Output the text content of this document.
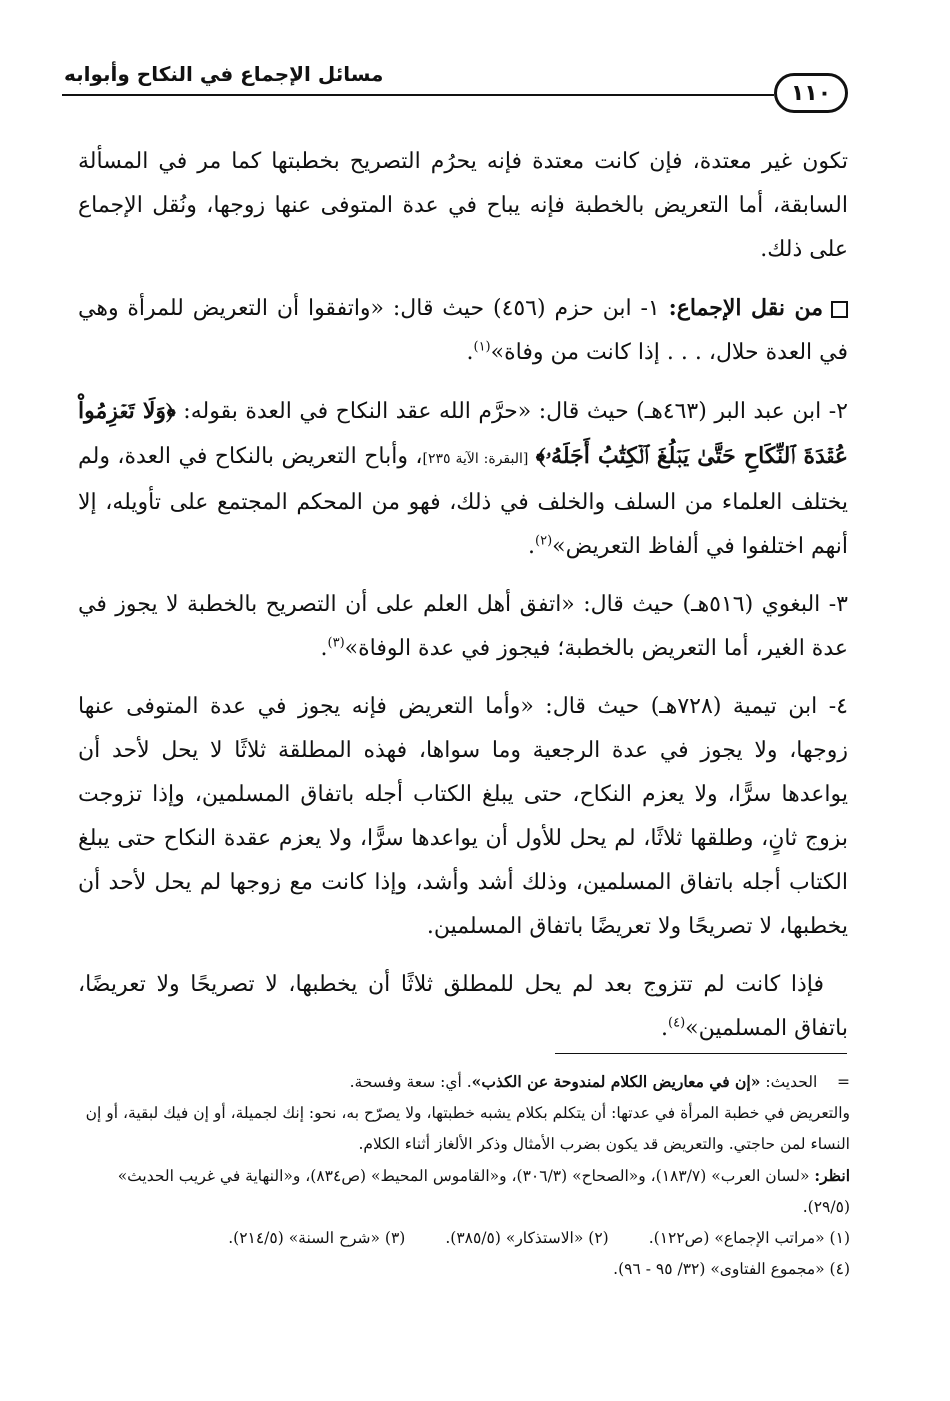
مسائل الإجماع في النكاح وأبوابه
١١٠

تكون غير معتدة، فإن كانت معتدة فإنه يحرُم التصريح بخطبتها كما مر في المسألة السابقة، أما التعريض بالخطبة فإنه يباح في عدة المتوفى عنها زوجها، ونُقل الإجماع على ذلك.

من نقل الإجماع: ١- ابن حزم (٤٥٦) حيث قال: «واتفقوا أن التعريض للمرأة وهي في العدة حلال، . . . إذا كانت من وفاة»$^{(١)}$.

٢- ابن عبد البر (٤٦٣هـ) حيث قال: «حرَّم الله عقد النكاح في العدة بقوله: ﴿وَلَا تَعۡزِمُواْ عُقۡدَةَ ٱلنِّكَاحِ حَتَّىٰ يَبۡلُغَ ٱلۡكِتَٰبُ أَجَلَهُۥ﴾ [البقرة: الآية ٢٣٥]، وأباح التعريض بالنكاح في العدة، ولم يختلف العلماء من السلف والخلف في ذلك، فهو من المحكم المجتمع على تأويله، إلا أنهم اختلفوا في ألفاظ التعريض»$^{(٢)}$.

٣- البغوي (٥١٦هـ) حيث قال: «اتفق أهل العلم على أن التصريح بالخطبة لا يجوز في عدة الغير، أما التعريض بالخطبة؛ فيجوز في عدة الوفاة»$^{(٣)}$.

٤- ابن تيمية (٧٢٨هـ) حيث قال: «وأما التعريض فإنه يجوز في عدة المتوفى عنها زوجها، ولا يجوز في عدة الرجعية وما سواها، فهذه المطلقة ثلاثًا لا يحل لأحد أن يواعدها سرًّا، ولا يعزم النكاح، حتى يبلغ الكتاب أجله باتفاق المسلمين، وإذا تزوجت بزوج ثانٍ، وطلقها ثلاثًا، لم يحل للأول أن يواعدها سرًّا، ولا يعزم عقدة النكاح حتى يبلغ الكتاب أجله باتفاق المسلمين، وذلك أشد وأشد، وإذا كانت مع زوجها لم يحل لأحد أن يخطبها، لا تصريحًا ولا تعريضًا باتفاق المسلمين.

فإذا كانت لم تتزوج بعد لم يحل للمطلق ثلاثًا أن يخطبها، لا تصريحًا ولا تعريضًا، باتفاق المسلمين»$^{(٤)}$.

=    الحديث: «إن في معاريض الكلام لمندوحة عن الكذب». أي: سعة وفسحة.

والتعريض في خطبة المرأة في عدتها: أن يتكلم بكلام يشبه خطبتها، ولا يصرّح به، نحو: إنك لجميلة، أو إن فيك لبقية، أو إن النساء لمن حاجتي. والتعريض قد يكون بضرب الأمثال وذكر الألغاز أثناء الكلام.

انظر: «لسان العرب» (١٨٣/٧)، و«الصحاح» (٣٠٦/٣)، و«القاموس المحيط» (ص٨٣٤)، و«النهاية في غريب الحديث» (٢٩/٥).

(١) «مراتب الإجماع» (ص١٢٢).
(٢) «الاستذكار» (٣٨٥/٥).
(٣) «شرح السنة» (٢١٤/٥).

(٤) «مجموع الفتاوى» (٣٢/ ٩٥ - ٩٦).
